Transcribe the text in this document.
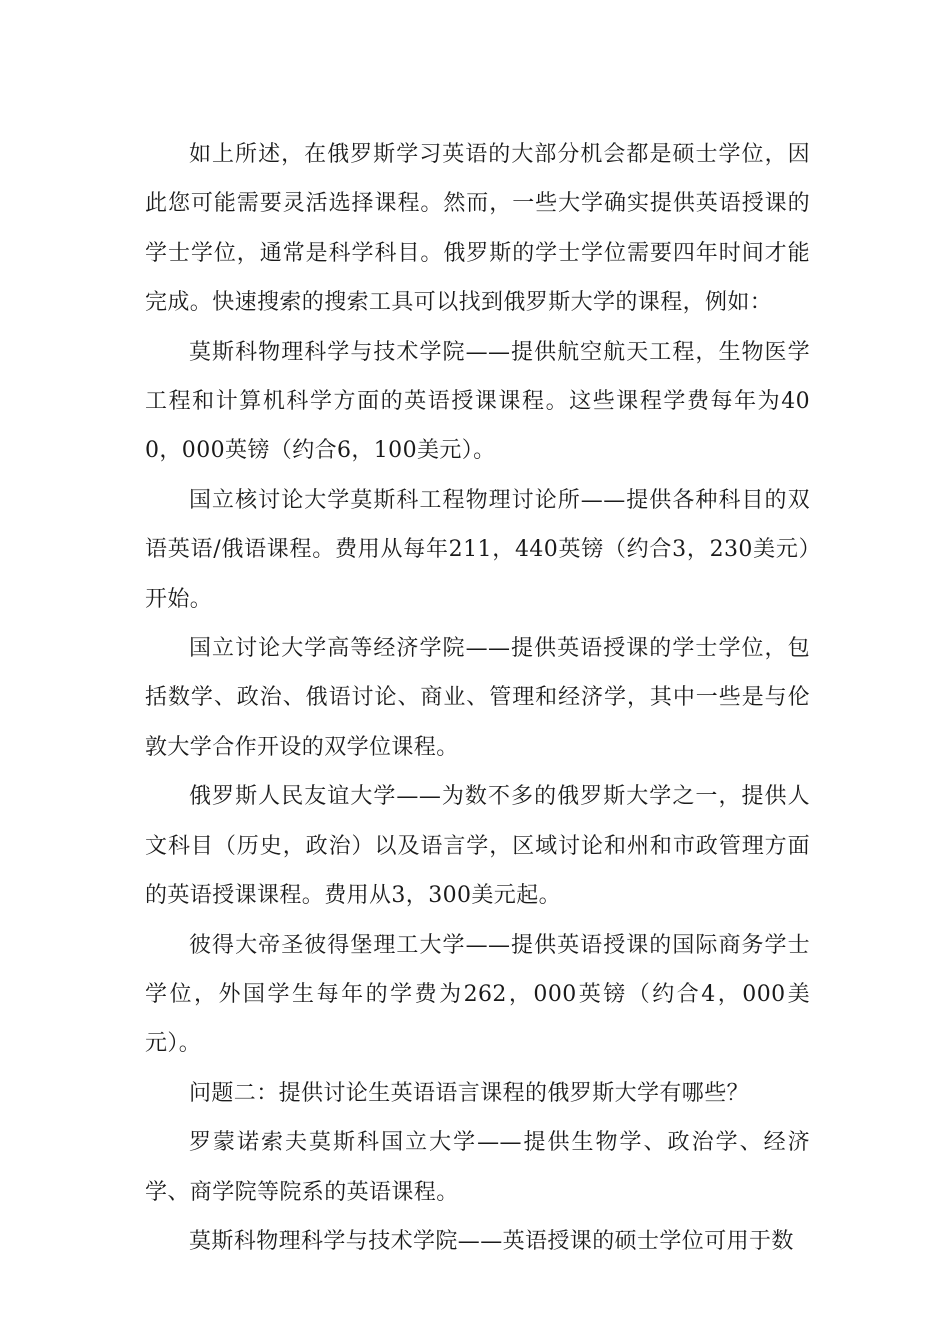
如上所述，在俄罗斯学习英语的大部分机会都是硕士学位，因此您可能需要灵活选择课程。然而，一些大学确实提供英语授课的学士学位，通常是科学科目。俄罗斯的学士学位需要四年时间才能完成。快速搜索的搜索工具可以找到俄罗斯大学的课程，例如：

莫斯科物理科学与技术学院——提供航空航天工程，生物医学工程和计算机科学方面的英语授课课程。这些课程学费每年为400，000英镑（约合6，100美元）。

国立核讨论大学莫斯科工程物理讨论所——提供各种科目的双语英语/俄语课程。费用从每年211，440英镑（约合3，230美元）开始。

国立讨论大学高等经济学院——提供英语授课的学士学位，包括数学、政治、俄语讨论、商业、管理和经济学，其中一些是与伦敦大学合作开设的双学位课程。

俄罗斯人民友谊大学——为数不多的俄罗斯大学之一，提供人文科目（历史，政治）以及语言学，区域讨论和州和市政管理方面的英语授课课程。费用从3，300美元起。

彼得大帝圣彼得堡理工大学——提供英语授课的国际商务学士学位，外国学生每年的学费为262，000英镑（约合4，000美元）。

问题二：提供讨论生英语语言课程的俄罗斯大学有哪些？

罗蒙诺索夫莫斯科国立大学——提供生物学、政治学、经济学、商学院等院系的英语课程。

莫斯科物理科学与技术学院——英语授课的硕士学位可用于数
